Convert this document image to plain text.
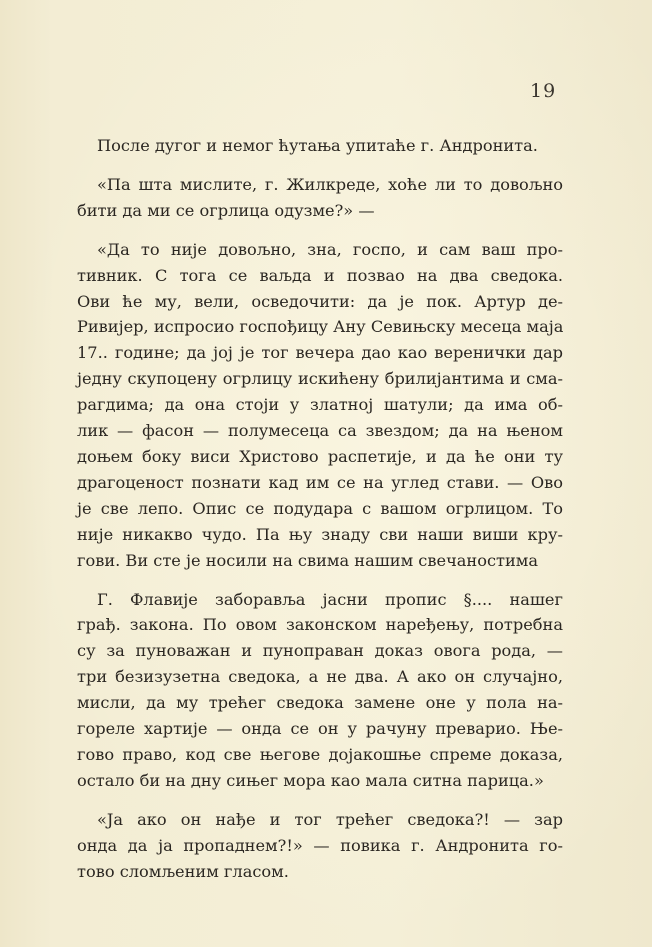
19
После дугог и немог ћутања упитаће г. Андронита.
«Па шта мислите, г. Жилкреде, хоће ли то довољно
бити да ми се огрлица одузме?» —
«Да то није довољно, зна, госпо, и сам ваш про-
тивник. С тога се ваљда и позвао на два сведока.
Ови ће му, вели, осведочити: да је пок. Артур де-
Ривијер, испросио госпођицу Ану Севињску месеца маја
17.. године; да јој је тог вечера дао као веренички дар
једну скупоцену огрлицу искићену брилијантима и сма-
рагдима; да она стоји у златној шатули; да има об-
лик — фасон — полумесеца са звездом; да на њеном
доњем боку виси Христово распетије, и да ће они ту
драгоценост познати кад им се на углед стави. — Ово
је све лепо. Опис се подудара с вашом огрлицом. То
није никакво чудо. Па њу знаду сви наши виши кру-
гови. Ви сте је носили на свима нашим свечаностима
Г. Флавије заборавља јасни пропис §.... нашег
грађ. закона. По овом законском наређењу, потребна
су за пуноважан и пуноправан доказ овога рода, —
три безизузетна сведока, а не два. А ако он случајно,
мисли, да му трећег сведока замене оне у пола на-
гореле хартије — онда се он у рачуну преварио. Ње-
гово право, код све његове дојакошње спреме доказа,
остало би на дну сињег мора као мала ситна парица.»
«Ја ако он нађе и тог трећег сведока?! — зар
онда да ја пропаднем?!» — повика г. Андронита го-
тово сломљеним гласом.
